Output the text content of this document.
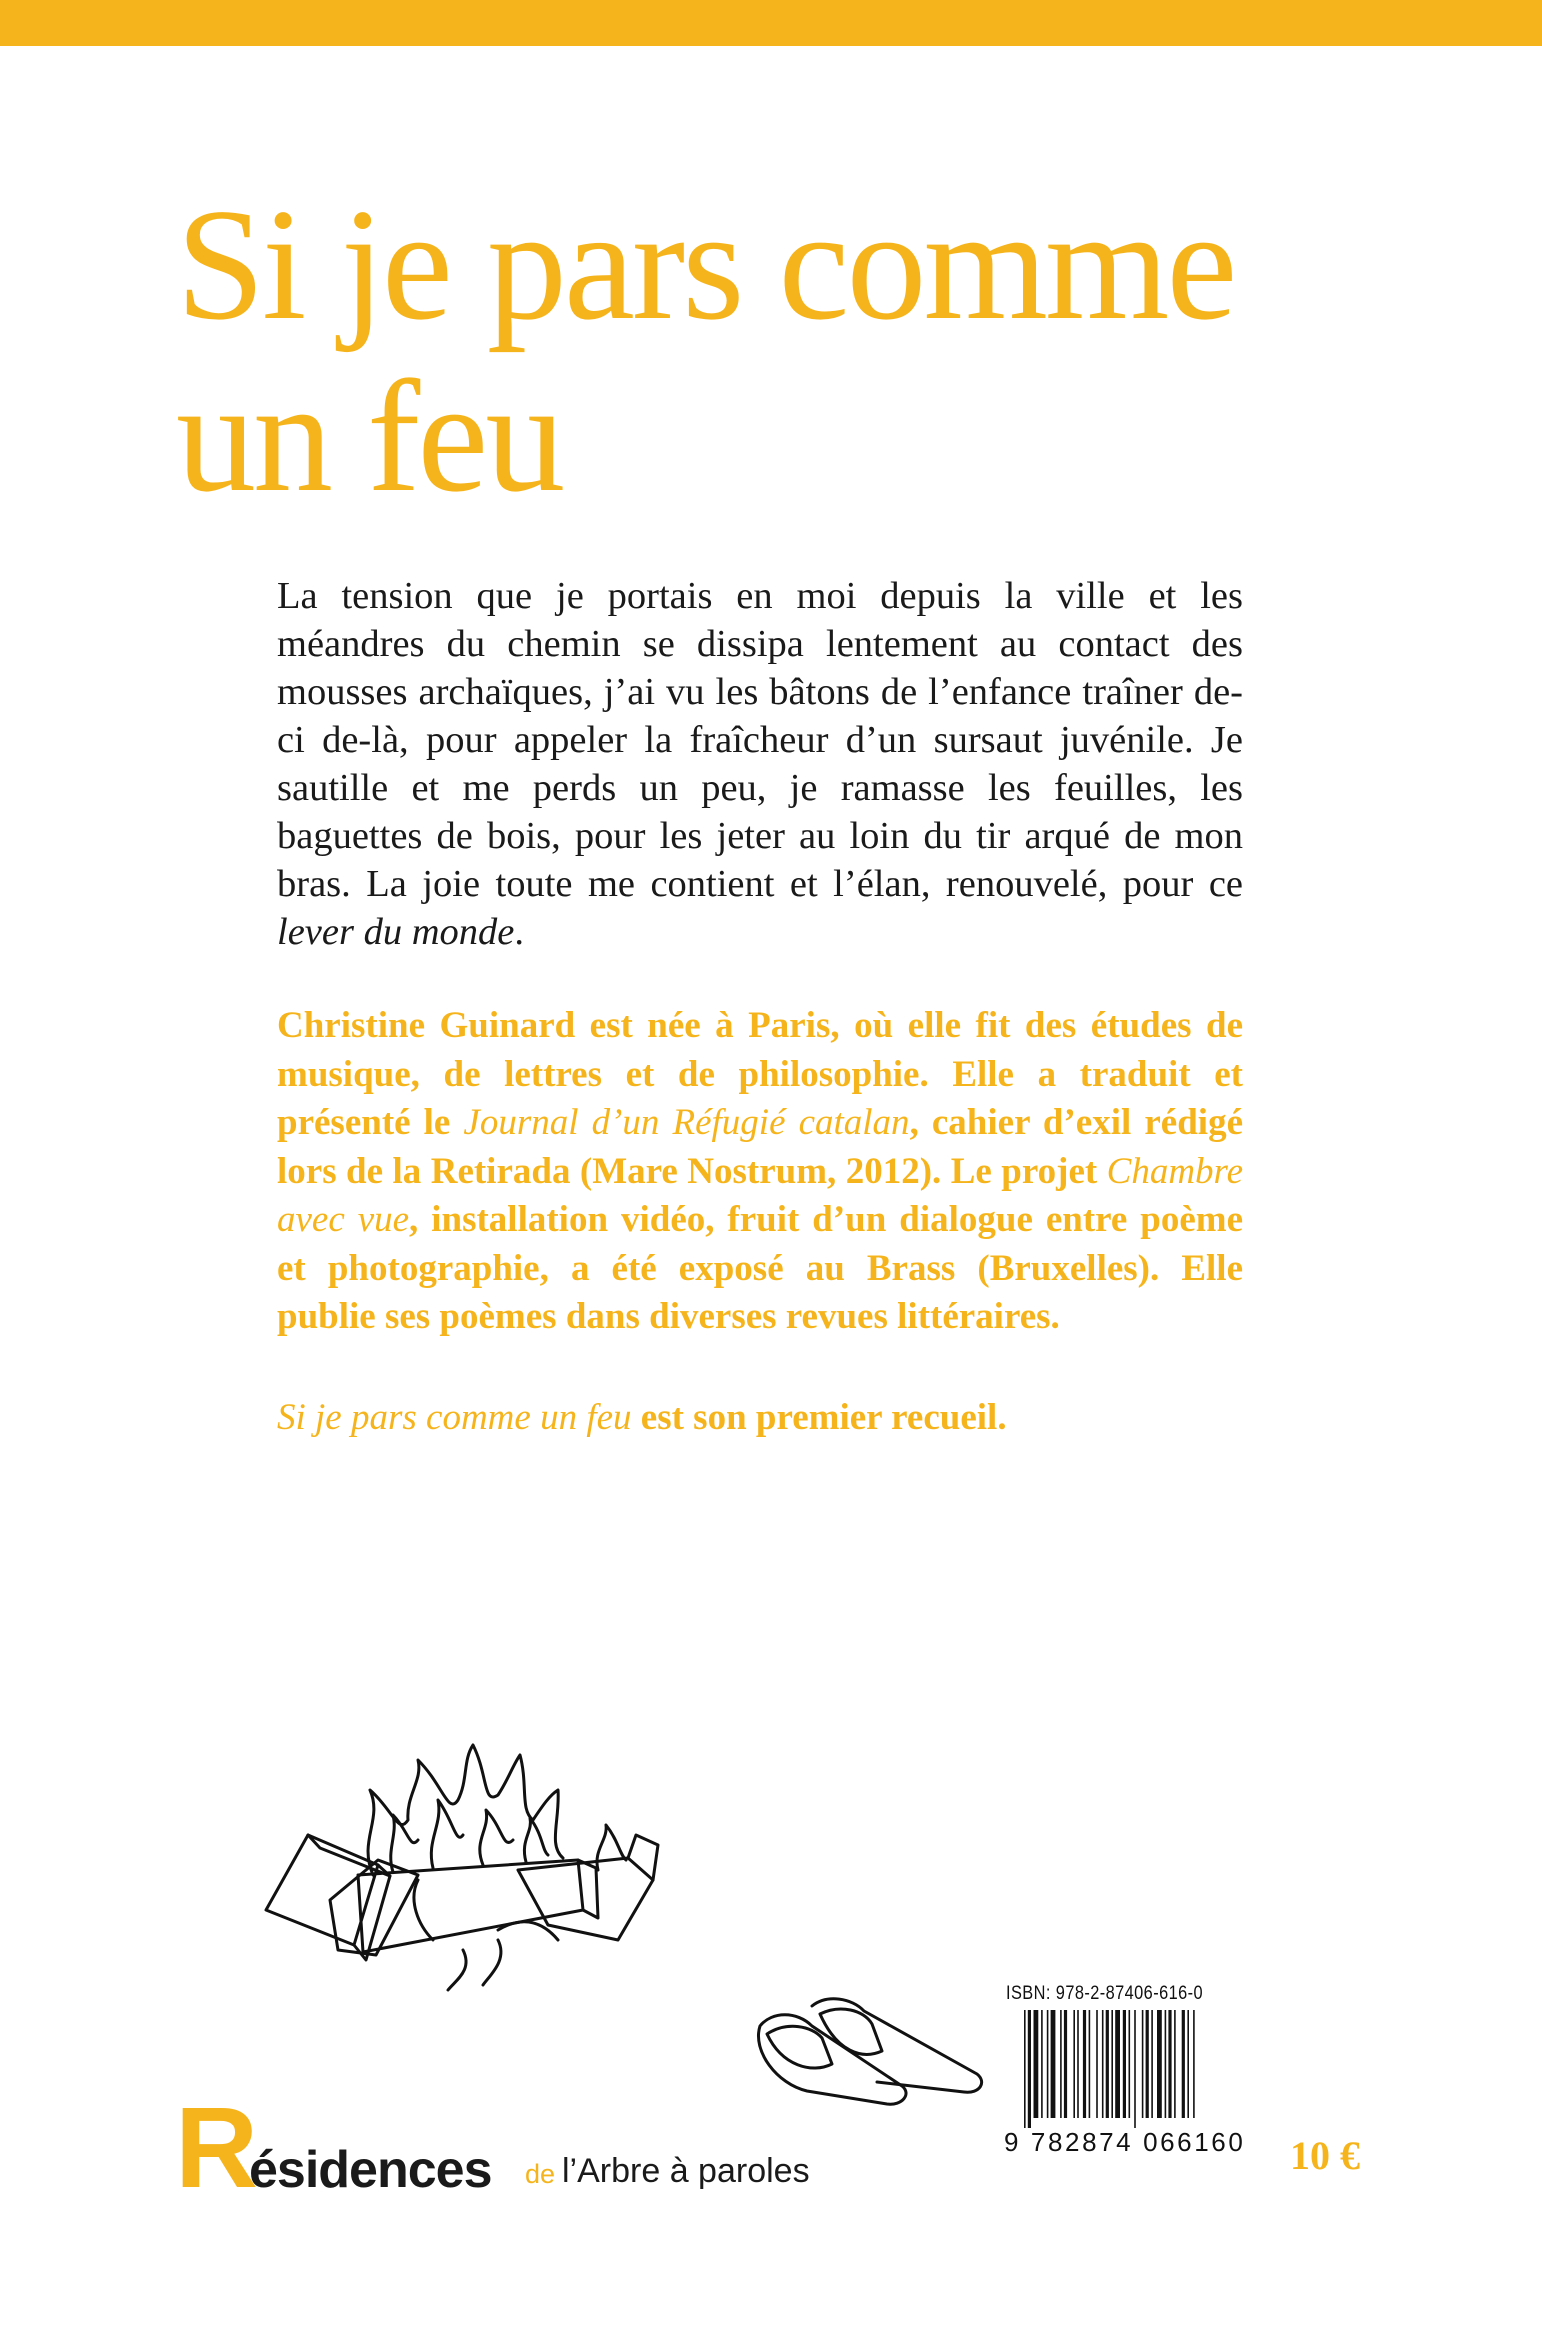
Si je pars comme
un feu

La tension que je portais en moi depuis la ville et les méandres du chemin se dissipa lentement au contact des mousses archaïques, j’ai vu les bâtons de l’enfance traîner de-ci de-là, pour appeler la fraîcheur d’un sursaut juvénile. Je sautille et me perds un peu, je ramasse les feuilles, les baguettes de bois, pour les jeter au loin du tir arqué de mon bras. La joie toute me contient et l’élan, renouvelé, pour ce lever du monde.

Christine Guinard est née à Paris, où elle fit des études de musique, de lettres et de philosophie. Elle a traduit et présenté le Journal d’un Réfugié catalan, cahier d’exil rédigé lors de la Retirada (Mare Nostrum, 2012). Le projet Chambre avec vue, installation vidéo, fruit d’un dialogue entre poème et photographie, a été exposé au Brass (Bruxelles). Elle publie ses poèmes dans diverses revues littéraires.

Si je pars comme un feu est son premier recueil.

ISBN: 978-2-87406-616-0
9 782874 066160 10 €
R
ésidences de l’Arbre à paroles
